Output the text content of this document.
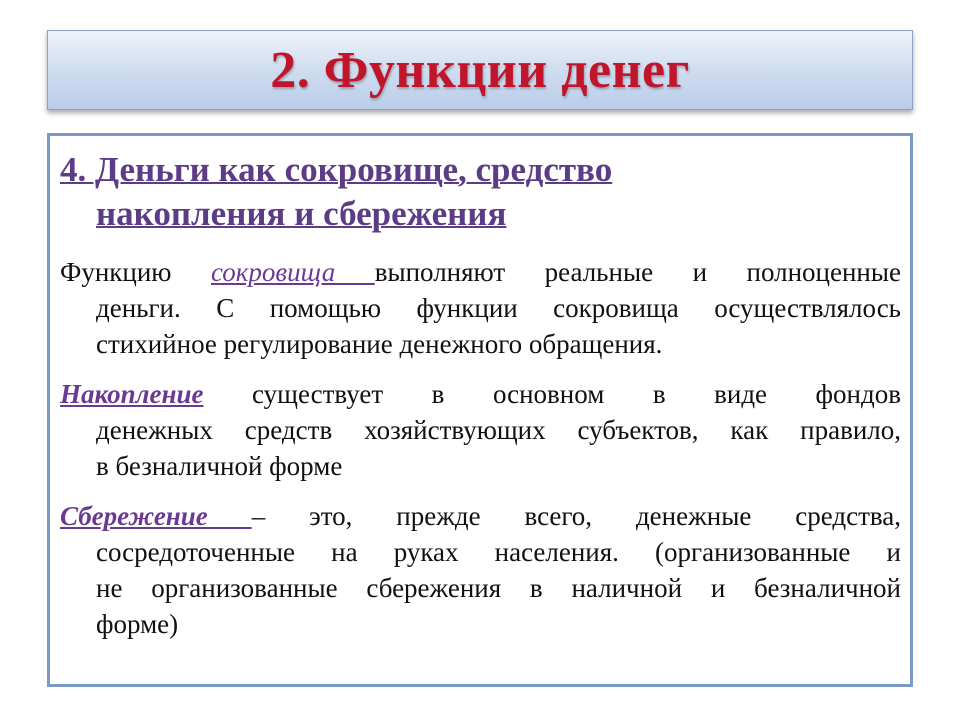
2. Функции денег
4. Деньги как сокровище, средство
накопления и сбережения
Функцию сокровища выполняют реальные и полноценные
деньги. С помощью функции сокровища осуществлялось
стихийное регулирование денежного обращения.
Накопление существует в основном в виде фондов
денежных средств хозяйствующих субъектов, как правило,
в безналичной форме
Сбережение – это, прежде всего, денежные средства,
сосредоточенные на руках населения. (организованные и
не организованные сбережения в наличной и безналичной
форме)
